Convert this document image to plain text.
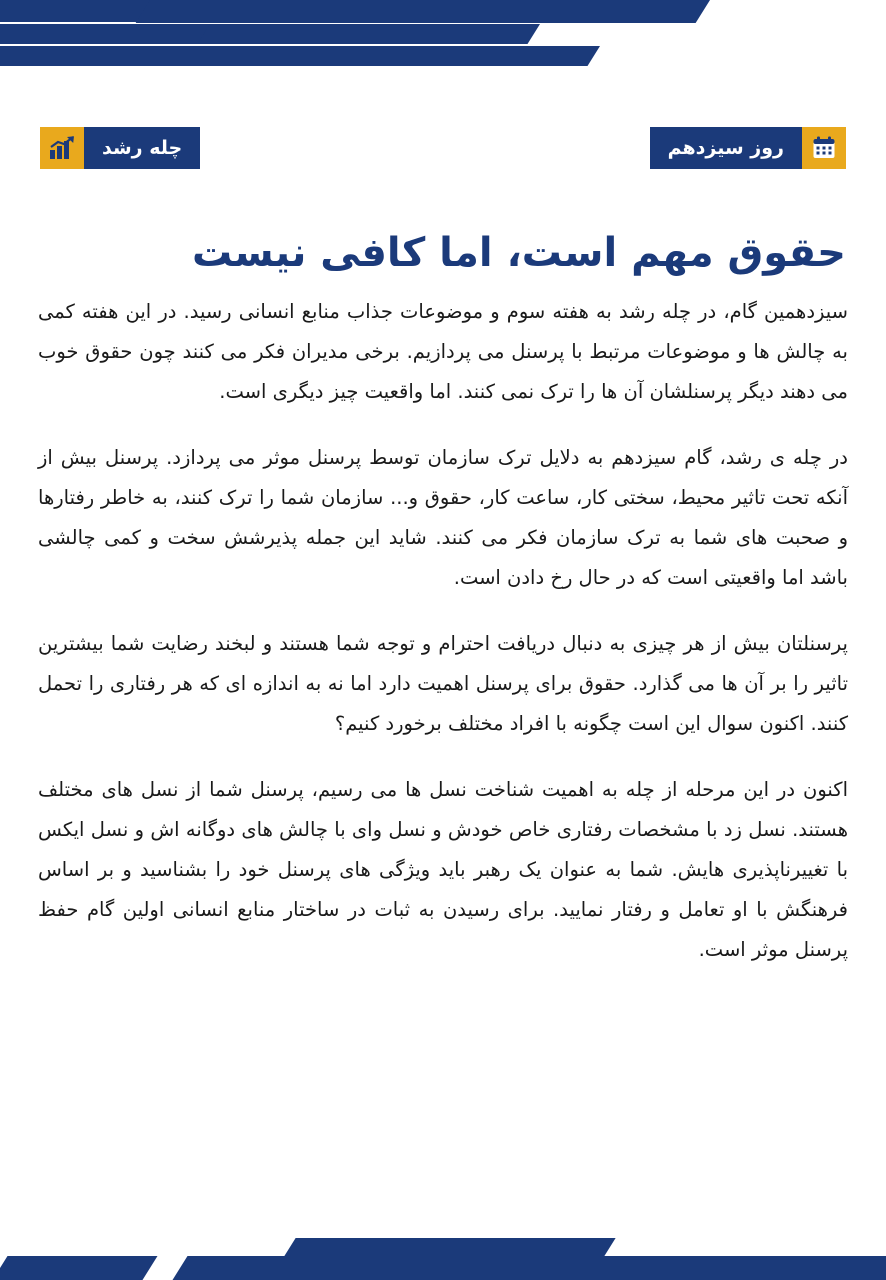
روز سیزدهم
چله رشد
حقوق مهم است، اما کافی نیست

سیزدهمین گام، در چله رشد به هفته سوم و موضوعات جذاب منابع انسانی رسید. در این هفته کمی به چالش ها و موضوعات مرتبط با پرسنل می پردازیم. برخی مدیران فکر می کنند چون حقوق خوب می دهند دیگر پرسنلشان آن ها را ترک نمی کنند. اما واقعیت چیز دیگری است.

در چله ی رشد، گام سیزدهم به دلایل ترک سازمان توسط پرسنل موثر می پردازد. پرسنل بیش از آنکه تحت تاثیر محیط، سختی کار، ساعت کار، حقوق و... سازمان شما را ترک کنند، به خاطر رفتارها و صحبت های شما به ترک سازمان فکر می کنند. شاید این جمله پذیرشش سخت و کمی چالشی باشد اما واقعیتی است که در حال رخ دادن است.

پرسنلتان بیش از هر چیزی به دنبال دریافت احترام و توجه شما هستند و لبخند رضایت شما بیشترین تاثیر را بر آن ها می گذارد. حقوق برای پرسنل اهمیت دارد اما نه به اندازه ای که هر رفتاری را تحمل کنند. اکنون سوال این است چگونه با افراد مختلف برخورد کنیم؟

اکنون در این مرحله از چله به اهمیت شناخت نسل ها می رسیم، پرسنل شما از نسل های مختلف هستند. نسل زد با مشخصات رفتاری خاص خودش و نسل وای با چالش های دوگانه اش و نسل ایکس با تغییرناپذیری هایش. شما به عنوان یک رهبر باید ویژگی های پرسنل خود را بشناسید و بر اساس فرهنگش با او تعامل و رفتار نمایید. برای رسیدن به ثبات در ساختار منابع انسانی اولین گام حفظ پرسنل موثر است.
